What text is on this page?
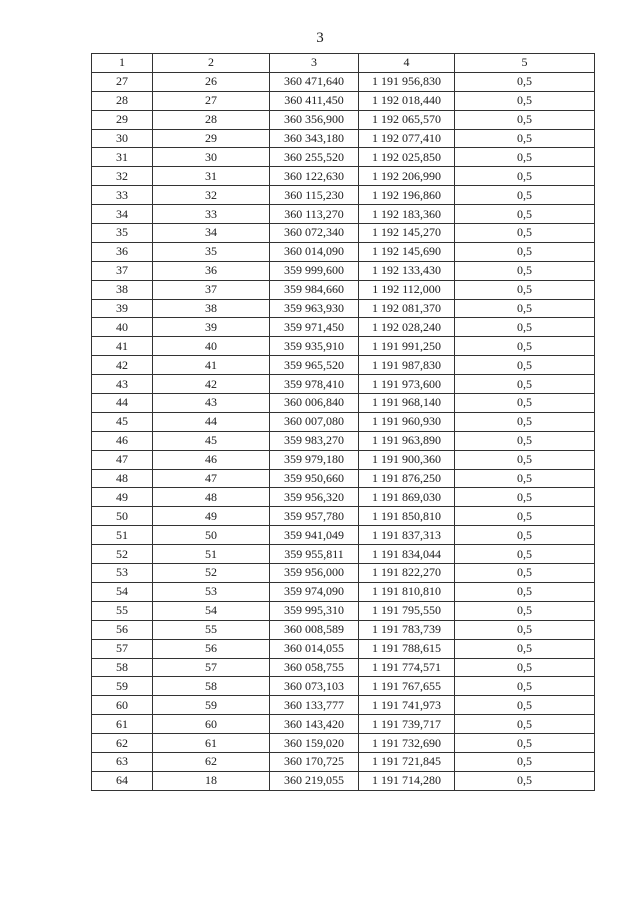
3
1	2	3	4	5
27	26	360 471,640	1 191 956,830	0,5
28	27	360 411,450	1 192 018,440	0,5
29	28	360 356,900	1 192 065,570	0,5
30	29	360 343,180	1 192 077,410	0,5
31	30	360 255,520	1 192 025,850	0,5
32	31	360 122,630	1 192 206,990	0,5
33	32	360 115,230	1 192 196,860	0,5
34	33	360 113,270	1 192 183,360	0,5
35	34	360 072,340	1 192 145,270	0,5
36	35	360 014,090	1 192 145,690	0,5
37	36	359 999,600	1 192 133,430	0,5
38	37	359 984,660	1 192 112,000	0,5
39	38	359 963,930	1 192 081,370	0,5
40	39	359 971,450	1 192 028,240	0,5
41	40	359 935,910	1 191 991,250	0,5
42	41	359 965,520	1 191 987,830	0,5
43	42	359 978,410	1 191 973,600	0,5
44	43	360 006,840	1 191 968,140	0,5
45	44	360 007,080	1 191 960,930	0,5
46	45	359 983,270	1 191 963,890	0,5
47	46	359 979,180	1 191 900,360	0,5
48	47	359 950,660	1 191 876,250	0,5
49	48	359 956,320	1 191 869,030	0,5
50	49	359 957,780	1 191 850,810	0,5
51	50	359 941,049	1 191 837,313	0,5
52	51	359 955,811	1 191 834,044	0,5
53	52	359 956,000	1 191 822,270	0,5
54	53	359 974,090	1 191 810,810	0,5
55	54	359 995,310	1 191 795,550	0,5
56	55	360 008,589	1 191 783,739	0,5
57	56	360 014,055	1 191 788,615	0,5
58	57	360 058,755	1 191 774,571	0,5
59	58	360 073,103	1 191 767,655	0,5
60	59	360 133,777	1 191 741,973	0,5
61	60	360 143,420	1 191 739,717	0,5
62	61	360 159,020	1 191 732,690	0,5
63	62	360 170,725	1 191 721,845	0,5
64	18	360 219,055	1 191 714,280	0,5
